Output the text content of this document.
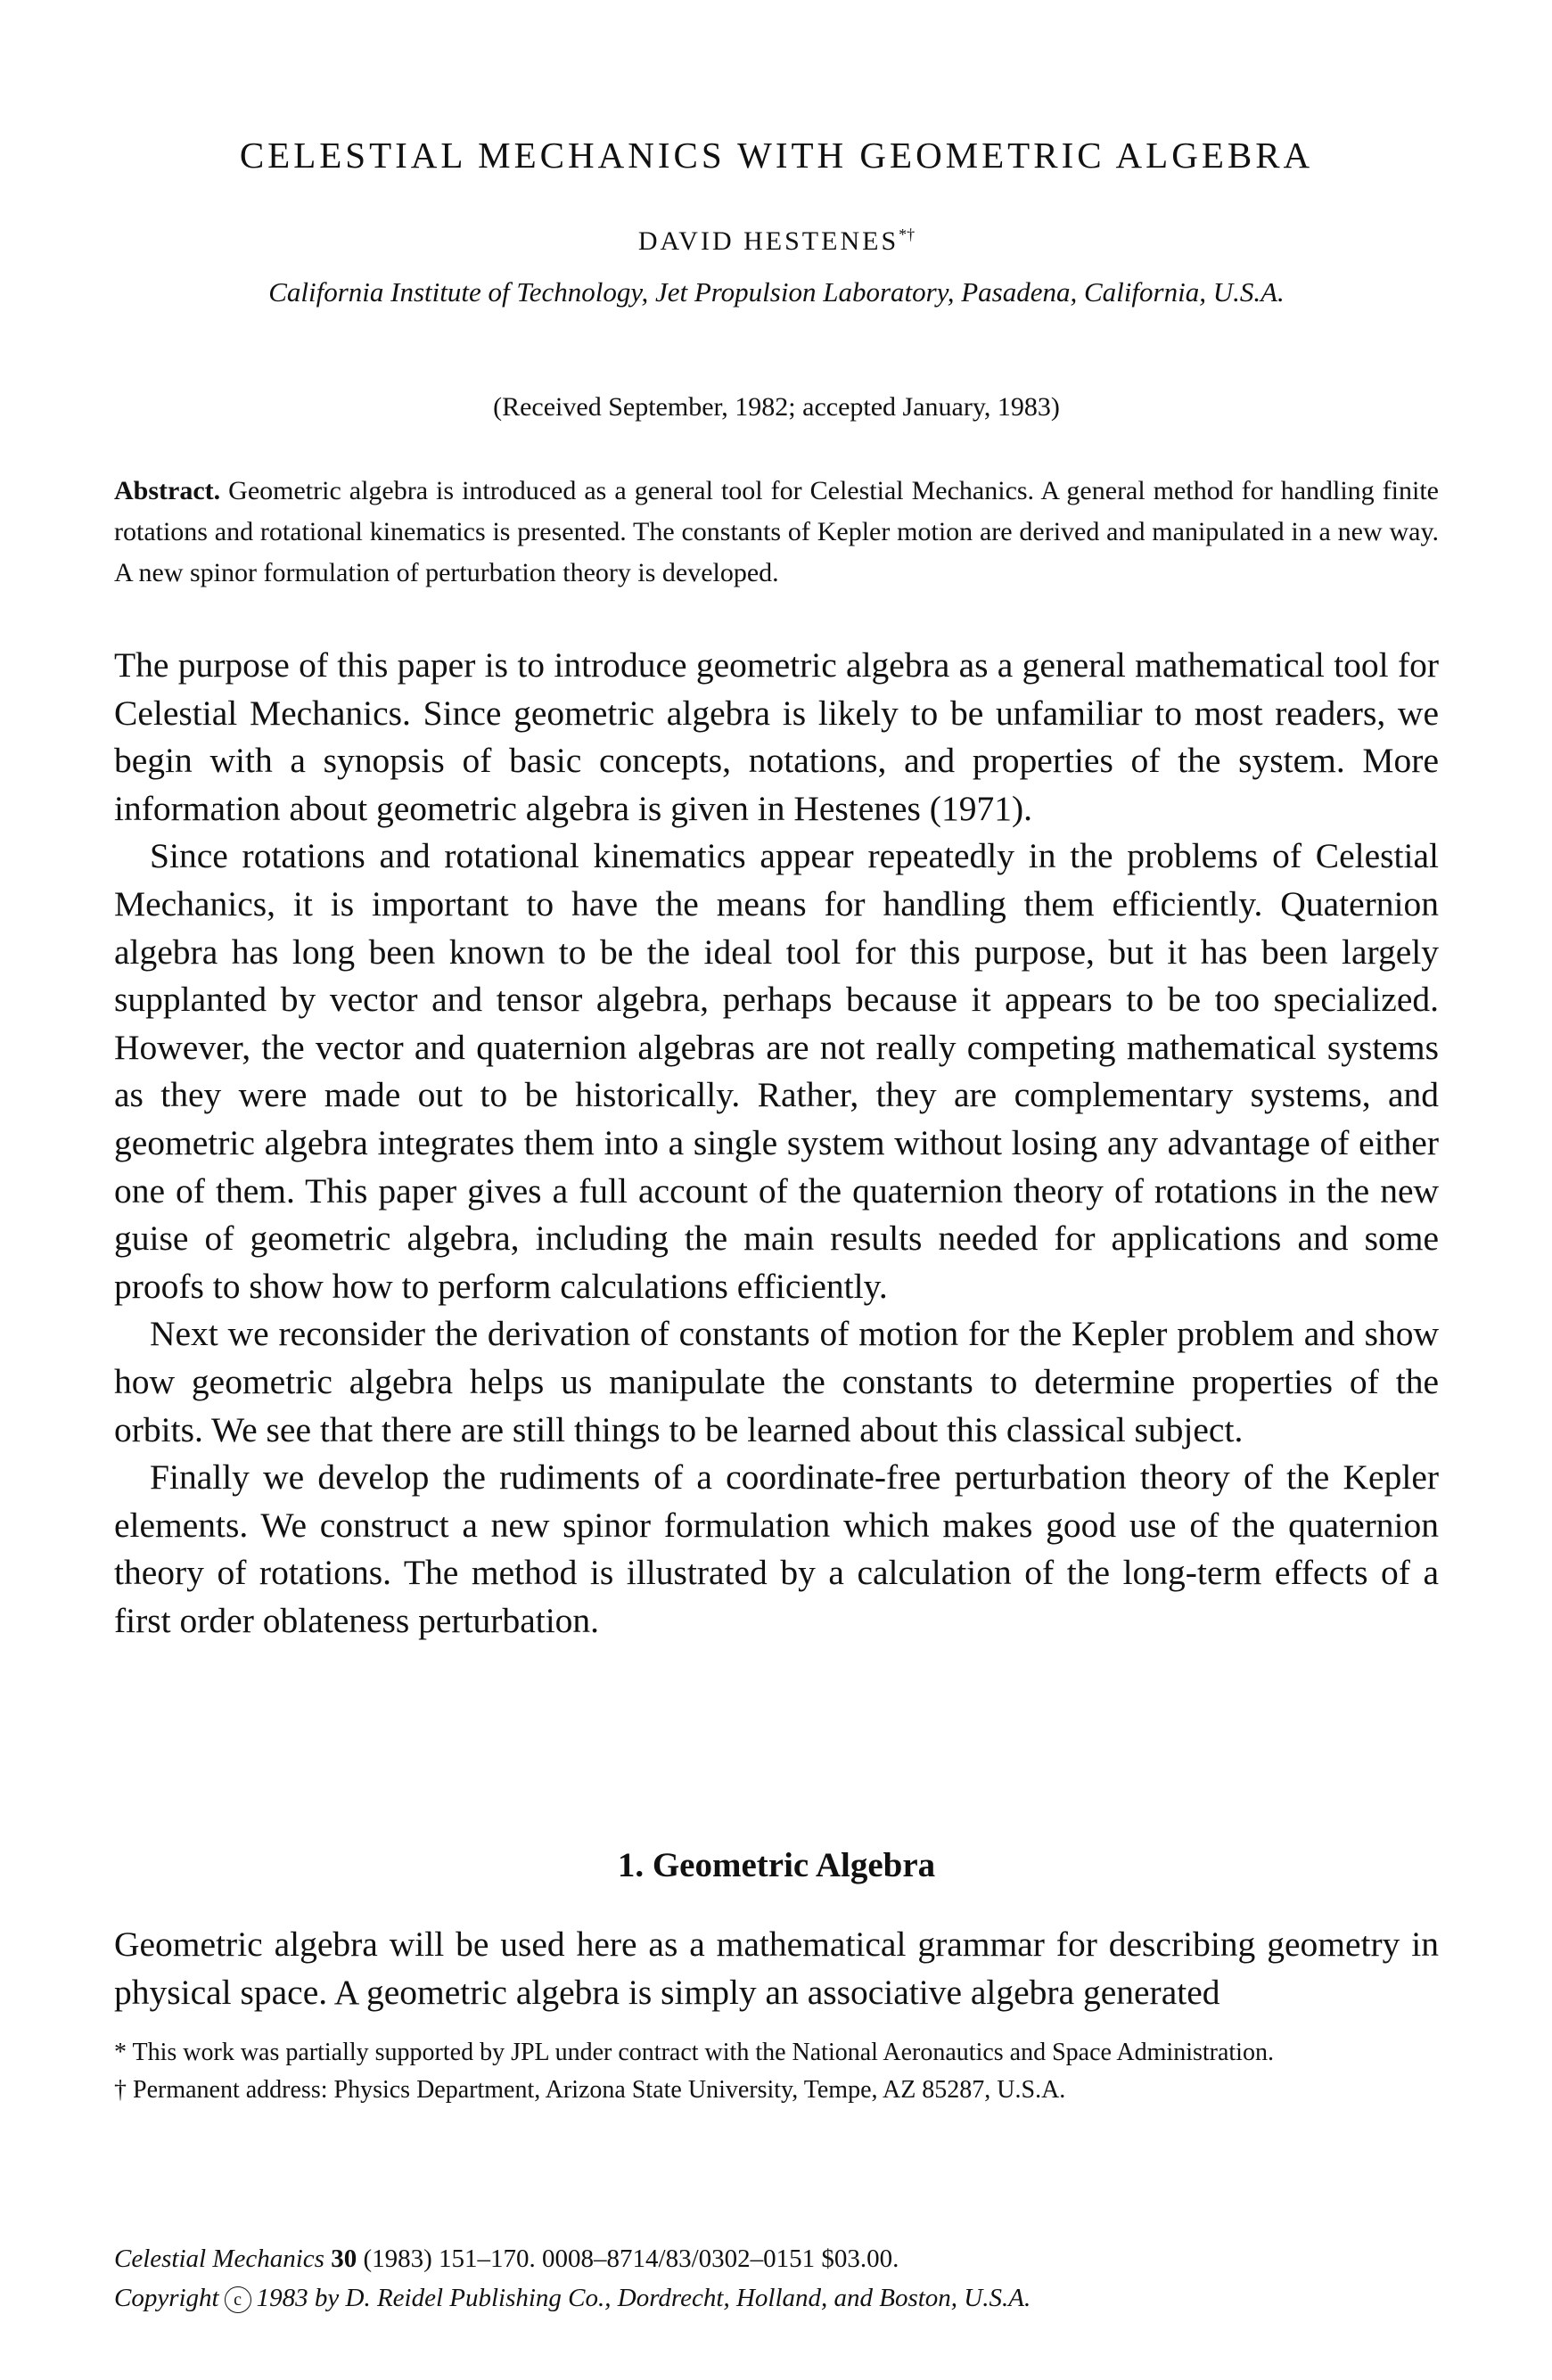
CELESTIAL MECHANICS WITH GEOMETRIC ALGEBRA
DAVID HESTENES*†
California Institute of Technology, Jet Propulsion Laboratory, Pasadena, California, U.S.A.
(Received September, 1982; accepted January, 1983)

Abstract. Geometric algebra is introduced as a general tool for Celestial Mechanics. A general method for handling finite rotations and rotational kinematics is presented. The constants of Kepler motion are derived and manipulated in a new way. A new spinor formulation of perturbation theory is developed.

The purpose of this paper is to introduce geometric algebra as a general mathematical tool for Celestial Mechanics. Since geometric algebra is likely to be unfamiliar to most readers, we begin with a synopsis of basic concepts, notations, and properties of the system. More information about geometric algebra is given in Hestenes (1971).

Since rotations and rotational kinematics appear repeatedly in the problems of Celestial Mechanics, it is important to have the means for handling them efficiently. Quaternion algebra has long been known to be the ideal tool for this purpose, but it has been largely supplanted by vector and tensor algebra, perhaps because it appears to be too specialized. However, the vector and quaternion algebras are not really competing mathematical systems as they were made out to be historically. Rather, they are complementary systems, and geometric algebra integrates them into a single system without losing any advantage of either one of them. This paper gives a full account of the quaternion theory of rotations in the new guise of geometric algebra, including the main results needed for applications and some proofs to show how to perform calculations efficiently.

Next we reconsider the derivation of constants of motion for the Kepler problem and show how geometric algebra helps us manipulate the constants to determine properties of the orbits. We see that there are still things to be learned about this classical subject.

Finally we develop the rudiments of a coordinate-free perturbation theory of the Kepler elements. We construct a new spinor formulation which makes good use of the quaternion theory of rotations. The method is illustrated by a calculation of the long-term effects of a first order oblateness perturbation.

1. Geometric Algebra

Geometric algebra will be used here as a mathematical grammar for describing geometry in physical space. A geometric algebra is simply an associative algebra generated

* This work was partially supported by JPL under contract with the National Aeronautics and Space Administration.

† Permanent address: Physics Department, Arizona State University, Tempe, AZ 85287, U.S.A.

Celestial Mechanics 30 (1983) 151–170. 0008–8714/83/0302–0151 $03.00.

Copyright c 1983 by D. Reidel Publishing Co., Dordrecht, Holland, and Boston, U.S.A.
